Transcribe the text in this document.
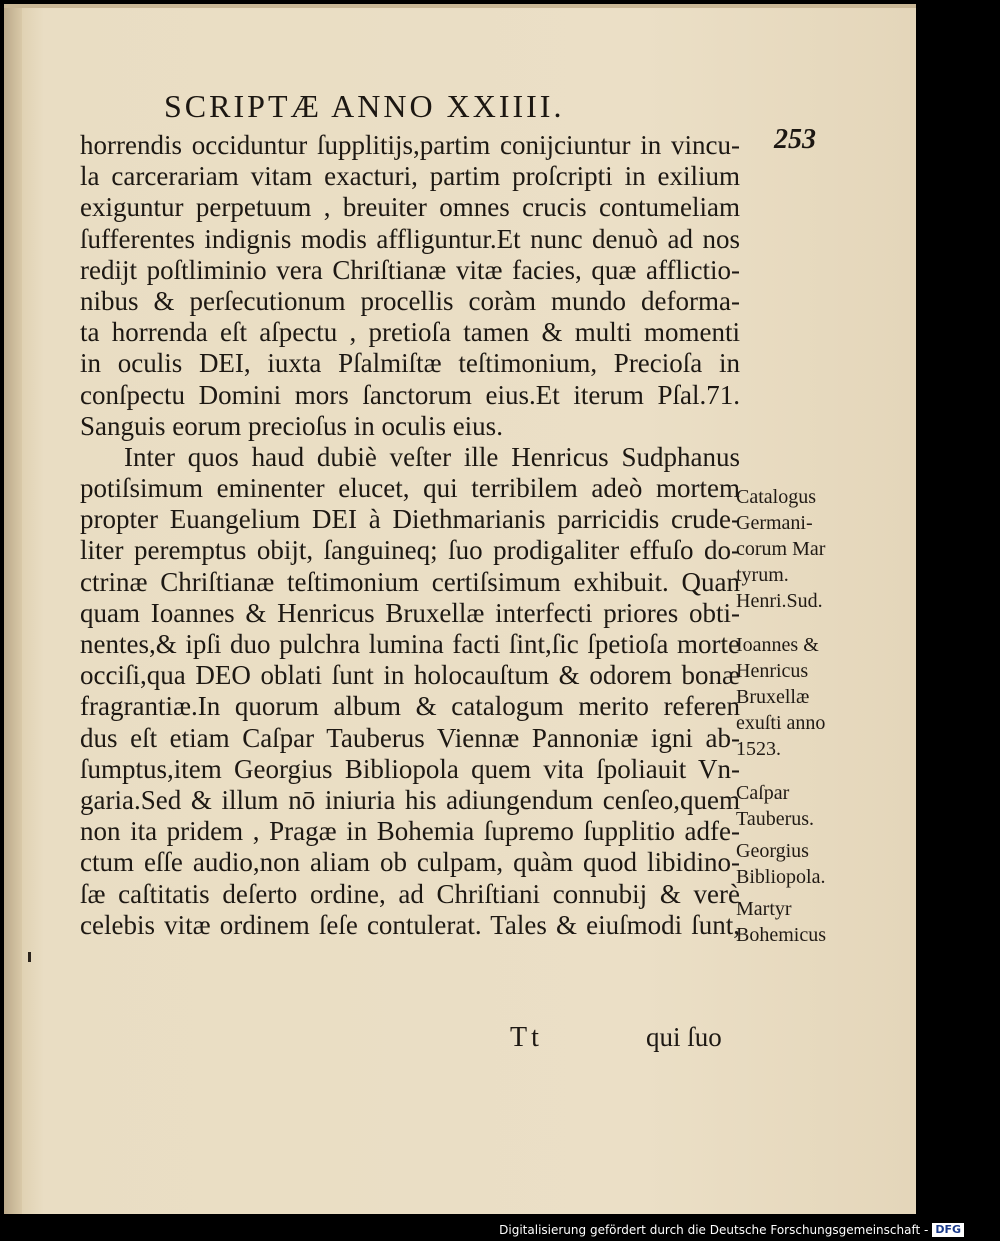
SCRIPTÆ ANNO XXIIII.
253
horrendis occiduntur ſupplitijs,partim conijciuntur in vincu-
la carcerariam vitam exacturi, partim proſcripti in exilium
exiguntur perpetuum , breuiter omnes crucis contumeliam
ſufferentes indignis modis affliguntur.Et nunc denuò ad nos
redijt poſtliminio vera Chriſtianæ vitæ facies, quæ afflictio-
nibus & perſecutionum procellis coràm mundo deforma-
ta horrenda eſt aſpectu , pretioſa tamen & multi momenti
in oculis DEI, iuxta Pſalmiſtæ teſtimonium, Precioſa in
conſpectu Domini mors ſanctorum eius.Et iterum Pſal.71.
Sanguis eorum precioſus in oculis eius.
Inter quos haud dubiè veſter ille Henricus Sudphanus
potiſsimum eminenter elucet, qui terribilem adeò mortem
propter Euangelium DEI à Diethmarianis parricidis crude-
liter peremptus obijt, ſanguineq; ſuo prodigaliter effuſo do-
ctrinæ Chriſtianæ teſtimonium certiſsimum exhibuit. Quan
quam Ioannes & Henricus Bruxellæ interfecti priores obti-
nentes,& ipſi duo pulchra lumina facti ſint,ſic ſpetioſa morte
occiſi,qua DEO oblati ſunt in holocauſtum & odorem bonæ
fragrantiæ.In quorum album & catalogum merito referen
dus eſt etiam Caſpar Tauberus Viennæ Pannoniæ igni ab-
ſumptus,item Georgius Bibliopola quem vita ſpoliauit Vn-
garia.Sed & illum nō iniuria his adiungendum cenſeo,quem
non ita pridem , Pragæ in Bohemia ſupremo ſupplitio adfe-
ctum eſſe audio,non aliam ob culpam, quàm quod libidino-
ſæ caſtitatis deſerto ordine, ad Chriſtiani connubij & verè
celebis vitæ ordinem ſeſe contulerat. Tales & eiuſmodi ſunt,
Catalogus
Germani-
corum Mar
tyrum.
Henri.Sud.
Ioannes &
Henricus
Bruxellæ
exuſti anno
1523.
Caſpar
Tauberus.
Georgius
Bibliopola.
Martyr
Bohemicus
Tt	qui ſuo
Digitalisierung gefördert durch die Deutsche Forschungsgemeinschaft - DFG
